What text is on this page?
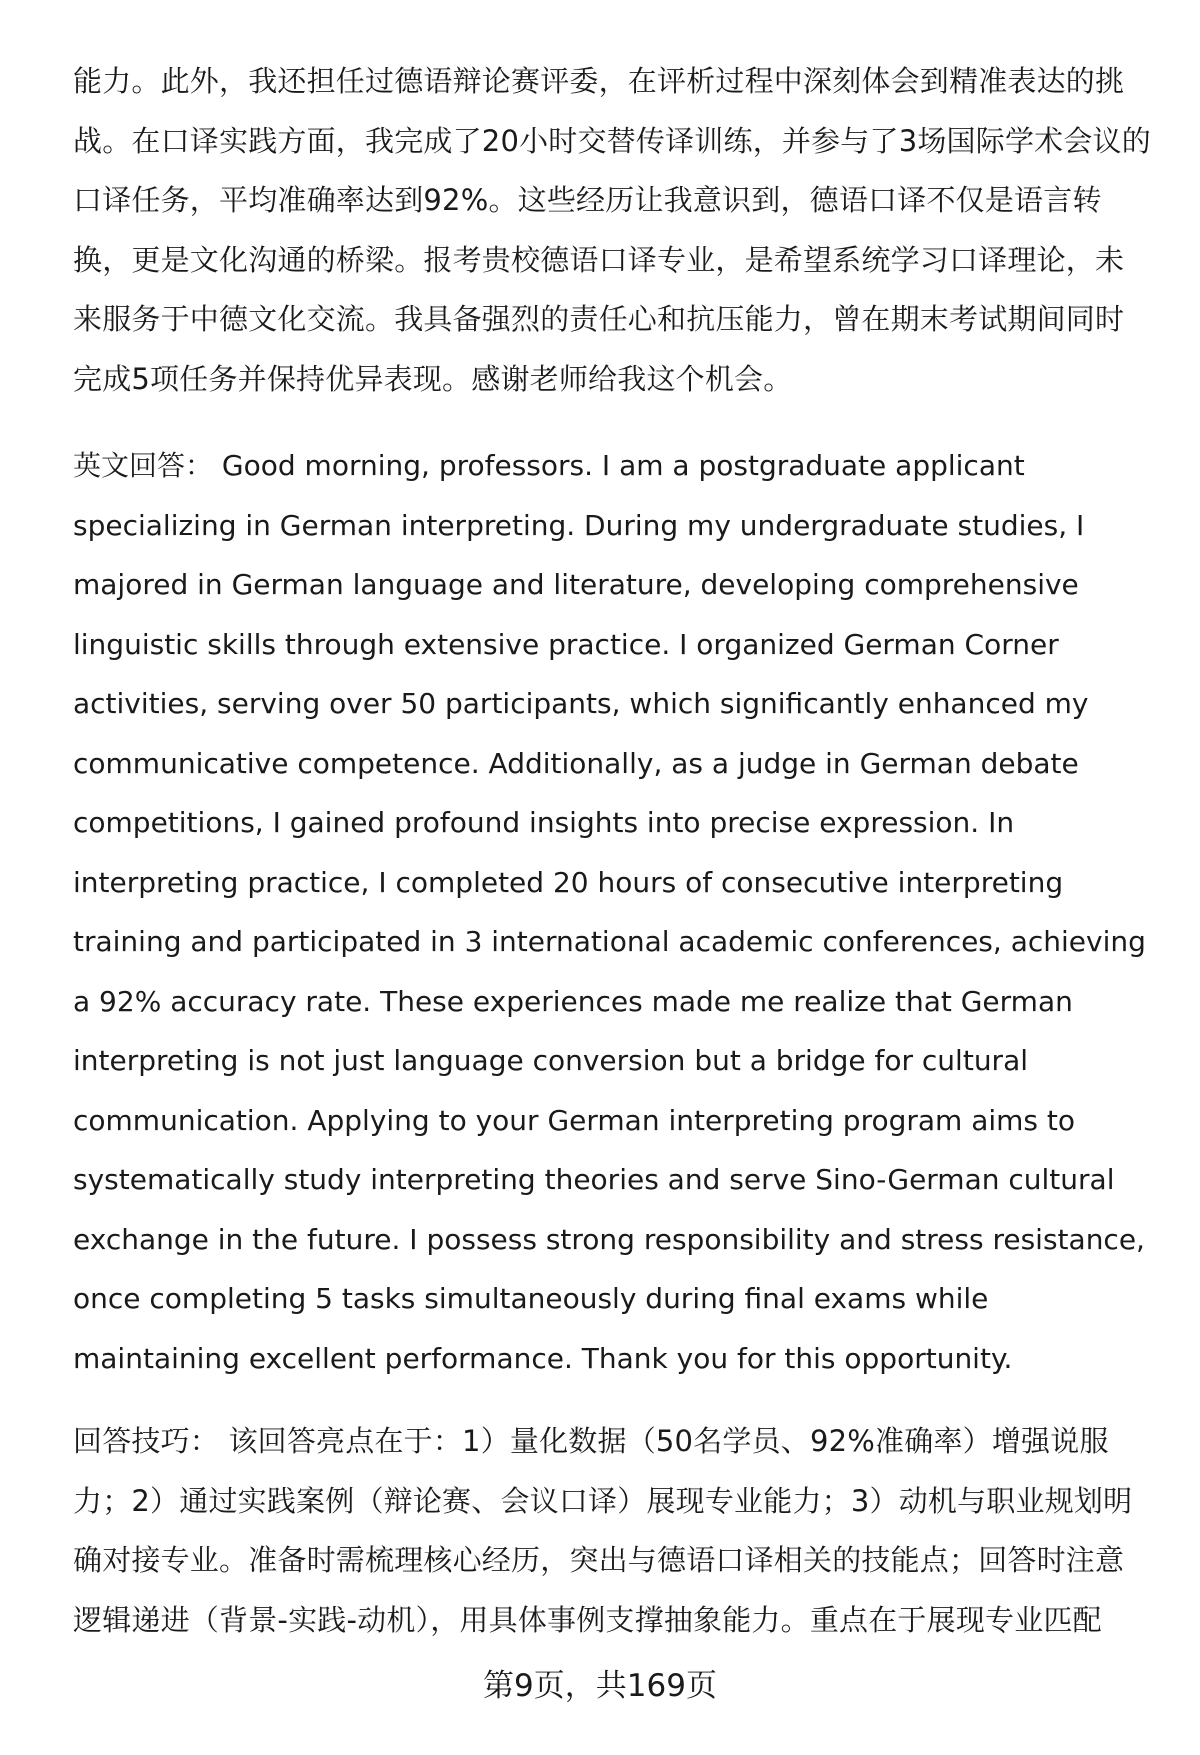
能力。此外，我还担任过德语辩论赛评委，在评析过程中深刻体会到精准表达的挑战。在口译实践方面，我完成了20小时交替传译训练，并参与了3场国际学术会议的口译任务，平均准确率达到92%。这些经历让我意识到，德语口译不仅是语言转换，更是文化沟通的桥梁。报考贵校德语口译专业，是希望系统学习口译理论，未来服务于中德文化交流。我具备强烈的责任心和抗压能力，曾在期末考试期间同时完成5项任务并保持优异表现。感谢老师给我这个机会。

英文回答： Good morning, professors. I am a postgraduate applicant specializing in German interpreting. During my undergraduate studies, I majored in German language and literature, developing comprehensive linguistic skills through extensive practice. I organized German Corner activities, serving over 50 participants, which significantly enhanced my communicative competence. Additionally, as a judge in German debate competitions, I gained profound insights into precise expression. In interpreting practice, I completed 20 hours of consecutive interpreting training and participated in 3 international academic conferences, achieving a 92% accuracy rate. These experiences made me realize that German interpreting is not just language conversion but a bridge for cultural communication. Applying to your German interpreting program aims to systematically study interpreting theories and serve Sino-German cultural exchange in the future. I possess strong responsibility and stress resistance, once completing 5 tasks simultaneously during final exams while maintaining excellent performance. Thank you for this opportunity.

回答技巧： 该回答亮点在于：1）量化数据（50名学员、92%准确率）增强说服力；2）通过实践案例（辩论赛、会议口译）展现专业能力；3）动机与职业规划明确对接专业。准备时需梳理核心经历，突出与德语口译相关的技能点；回答时注意逻辑递进（背景-实践-动机），用具体事例支撑抽象能力。重点在于展现专业匹配

第9页，共169页
